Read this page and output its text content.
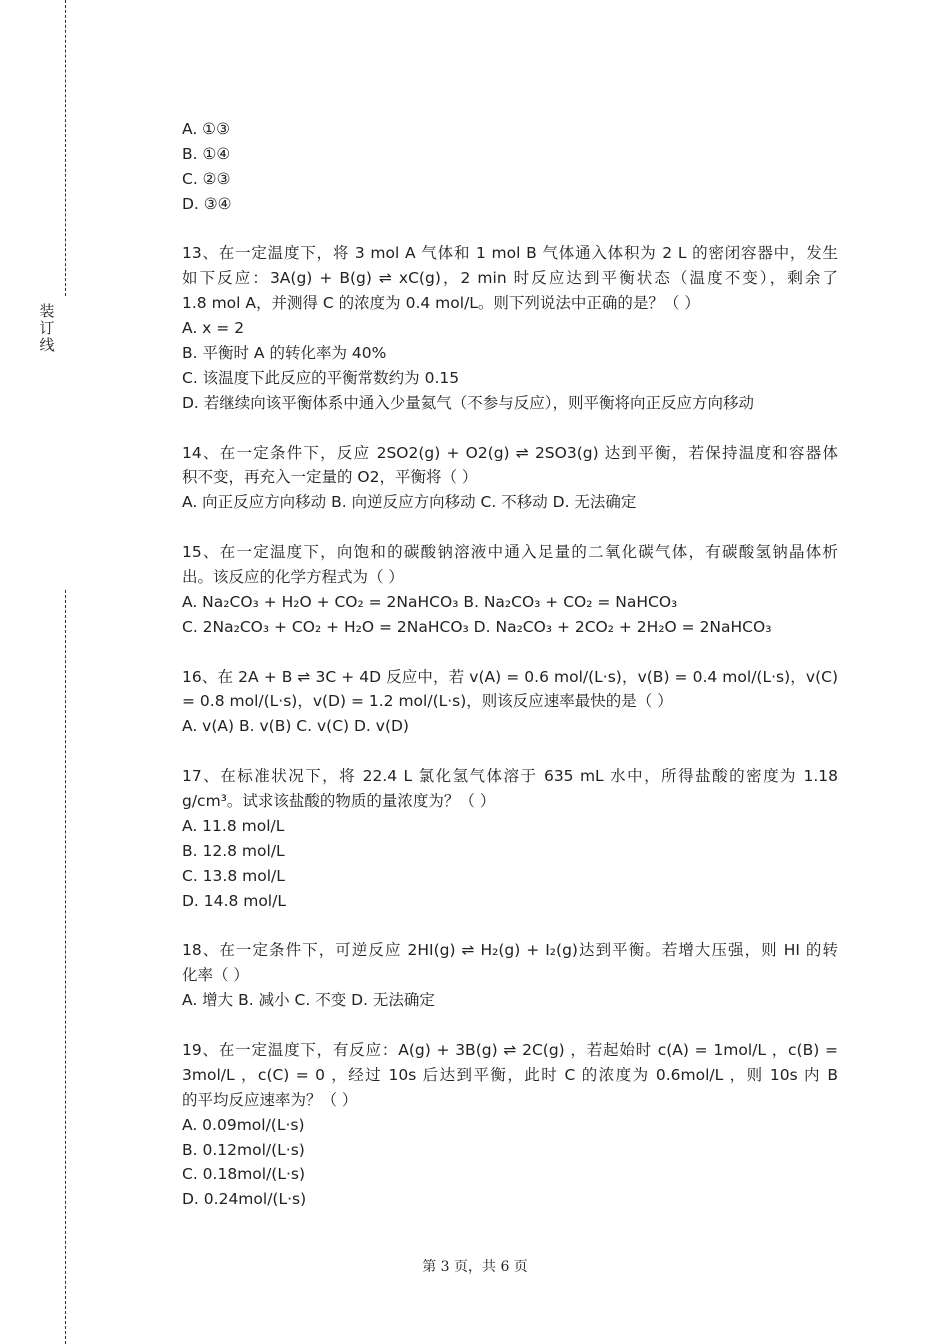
装
订
线
A. ①③
B. ①④
C. ②③
D. ③④
13、在一定温度下，将 3 mol A 气体和 1 mol B 气体通入体积为 2 L 的密闭容器中，发生
如下反应：3A(g) + B(g) ⇌ xC(g)，2 min 时反应达到平衡状态（温度不变），剩余了
1.8 mol A，并测得 C 的浓度为 0.4 mol/L。则下列说法中正确的是？（ ）
A. x = 2
B. 平衡时 A 的转化率为 40%
C. 该温度下此反应的平衡常数约为 0.15
D. 若继续向该平衡体系中通入少量氦气（不参与反应），则平衡将向正反应方向移动
14、在一定条件下，反应 2SO2(g) + O2(g) ⇌ 2SO3(g) 达到平衡，若保持温度和容器体
积不变，再充入一定量的 O2，平衡将（ ）
A. 向正反应方向移动 B. 向逆反应方向移动 C. 不移动 D. 无法确定
15、在一定温度下，向饱和的碳酸钠溶液中通入足量的二氧化碳气体，有碳酸氢钠晶体析
出。该反应的化学方程式为（ ）
A. Na₂CO₃ + H₂O + CO₂ = 2NaHCO₃ B. Na₂CO₃ + CO₂ = NaHCO₃
C. 2Na₂CO₃ + CO₂ + H₂O = 2NaHCO₃ D. Na₂CO₃ + 2CO₂ + 2H₂O = 2NaHCO₃
16、在 2A + B ⇌ 3C + 4D 反应中，若 v(A) = 0.6 mol/(L·s)，v(B) = 0.4 mol/(L·s)，v(C)
= 0.8 mol/(L·s)，v(D) = 1.2 mol/(L·s)，则该反应速率最快的是（ ）
A. v(A) B. v(B) C. v(C) D. v(D)
17、在标准状况下，将 22.4 L 氯化氢气体溶于 635 mL 水中，所得盐酸的密度为 1.18
g/cm³。试求该盐酸的物质的量浓度为？（ ）
A. 11.8 mol/L
B. 12.8 mol/L
C. 13.8 mol/L
D. 14.8 mol/L
18、在一定条件下，可逆反应 2HI(g) ⇌ H₂(g) + I₂(g)达到平衡。若增大压强，则 HI 的转
化率（ ）
A. 增大 B. 减小 C. 不变 D. 无法确定
19、在一定温度下，有反应：A(g) + 3B(g) ⇌ 2C(g) ，若起始时 c(A) = 1mol/L ，c(B) =
3mol/L ，c(C) = 0 ，经过 10s 后达到平衡，此时 C 的浓度为 0.6mol/L ，则 10s 内 B
的平均反应速率为？（ ）
A. 0.09mol/(L·s)
B. 0.12mol/(L·s)
C. 0.18mol/(L·s)
D. 0.24mol/(L·s)
第 3 页，共 6 页
